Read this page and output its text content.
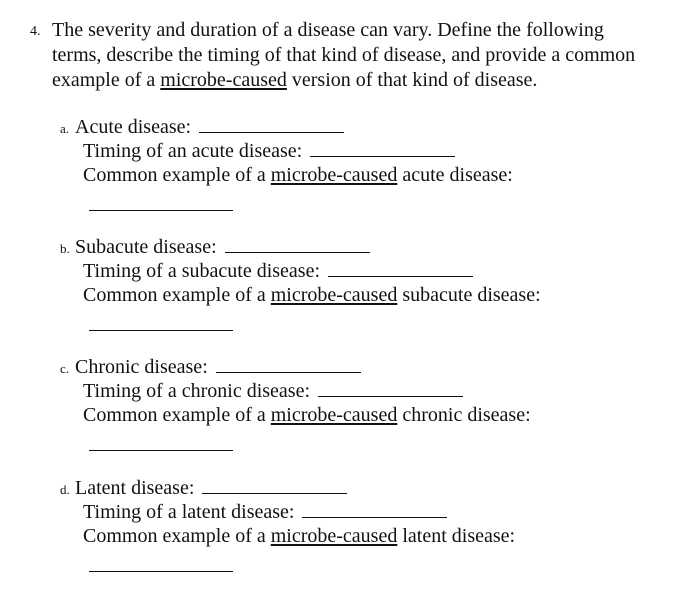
4. The severity and duration of a disease can vary. Define the following
terms, describe the timing of that kind of disease, and provide a common
example of a microbe-caused version of that kind of disease.
a. Acute disease:
Timing of an acute disease:
Common example of a microbe-caused acute disease:
b. Subacute disease:
Timing of a subacute disease:
Common example of a microbe-caused subacute disease:
c. Chronic disease:
Timing of a chronic disease:
Common example of a microbe-caused chronic disease:
d. Latent disease:
Timing of a latent disease:
Common example of a microbe-caused latent disease:
